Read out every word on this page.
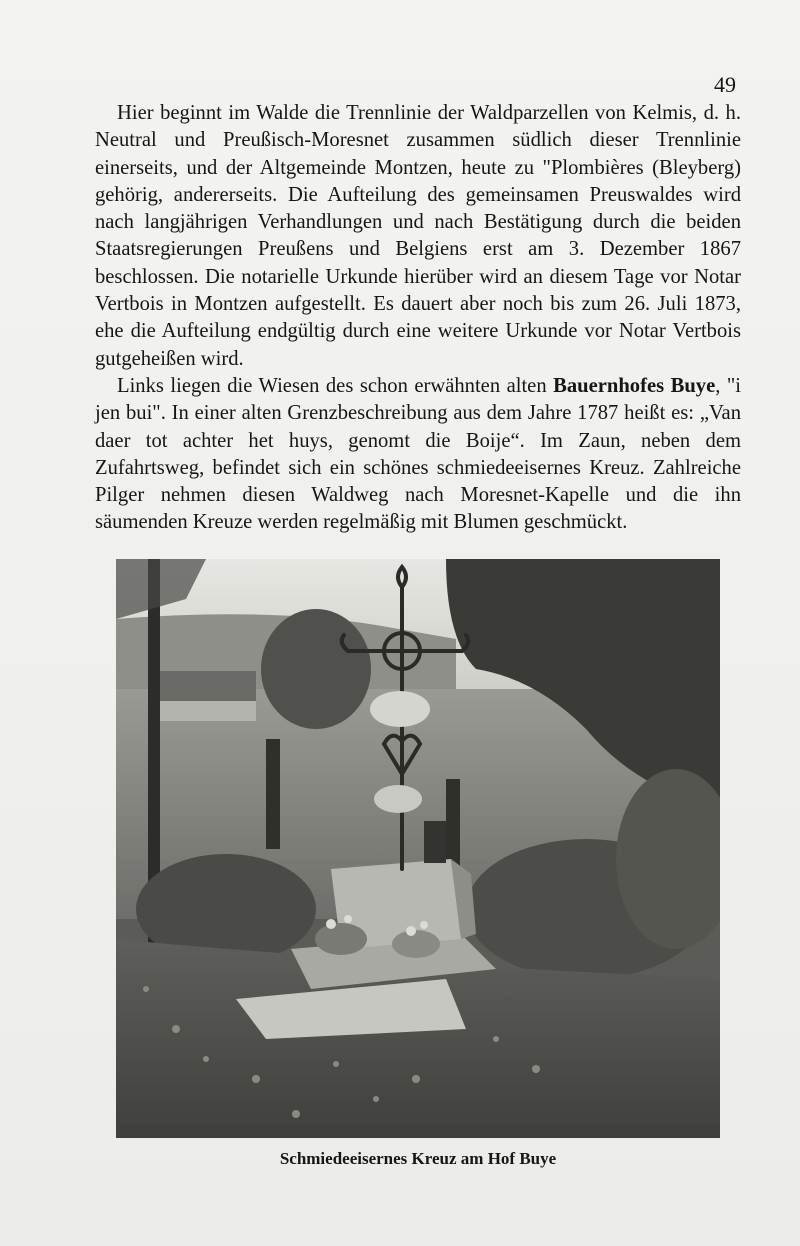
49

Hier beginnt im Walde die Trennlinie der Waldparzellen von Kelmis, d. h. Neutral und Preußisch-Moresnet zusammen südlich dieser Trennlinie einerseits, und der Altgemeinde Montzen, heute zu "Plombières (Bleyberg) gehörig, andererseits. Die Aufteilung des gemeinsamen Preuswaldes wird nach langjährigen Verhandlungen und nach Bestätigung durch die beiden Staatsregierungen Preußens und Belgiens erst am 3. Dezember 1867 beschlossen. Die notarielle Urkunde hierüber wird an diesem Tage vor Notar Vertbois in Montzen aufgestellt. Es dauert aber noch bis zum 26. Juli 1873, ehe die Aufteilung endgültig durch eine weitere Urkunde vor Notar Vertbois gutgeheißen wird.

Links liegen die Wiesen des schon erwähnten alten Bauernhofes Buye, "i jen bui". In einer alten Grenzbeschreibung aus dem Jahre 1787 heißt es: „Van daer tot achter het huys, genomt die Boije“. Im Zaun, neben dem Zufahrtsweg, befindet sich ein schönes schmiedeeisernes Kreuz. Zahlreiche Pilger nehmen diesen Waldweg nach Moresnet-Kapelle und die ihn säumenden Kreuze werden regelmäßig mit Blumen geschmückt.

Schmiedeeisernes Kreuz am Hof Buye
